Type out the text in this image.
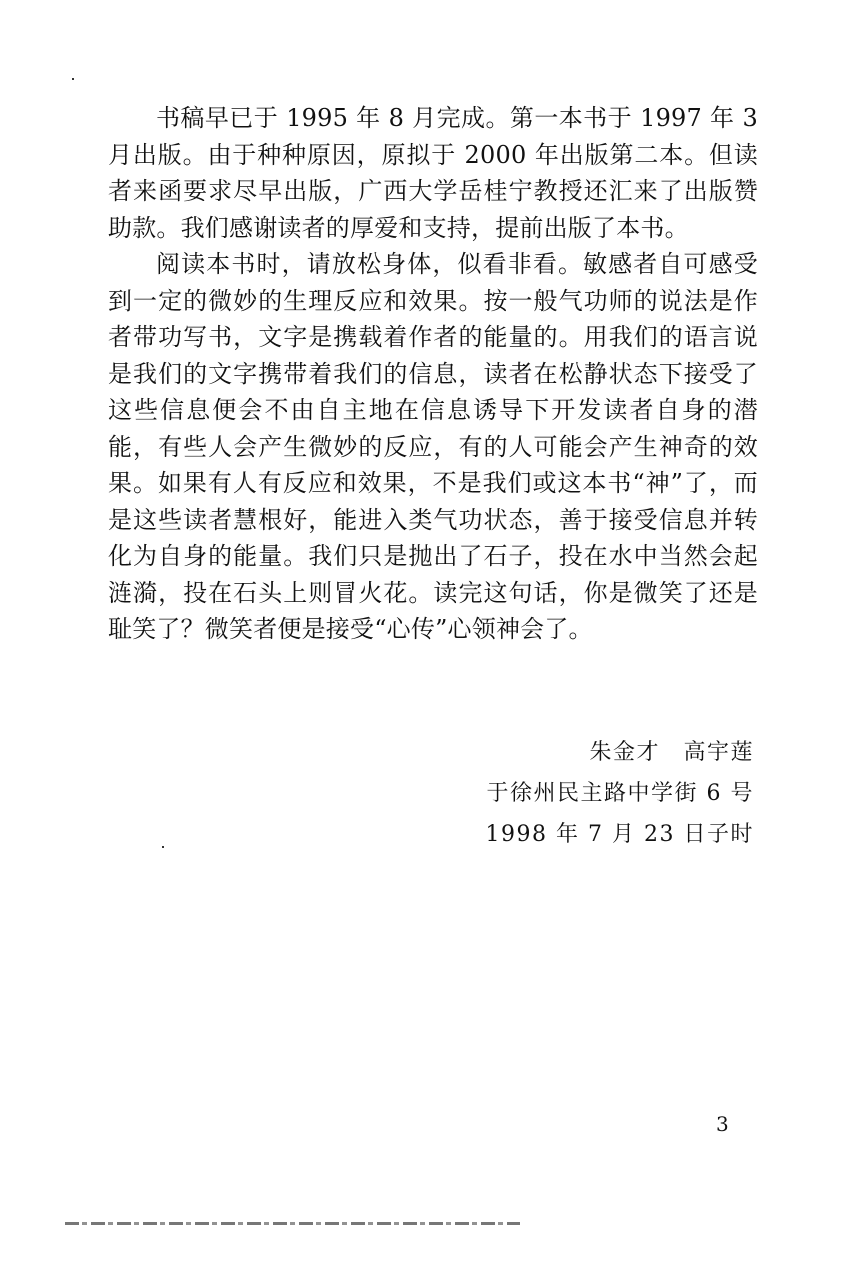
书稿早已于 1995 年 8 月完成。第一本书于 1997 年 3 月出版。由于种种原因，原拟于 2000 年出版第二本。但读者来函要求尽早出版，广西大学岳桂宁教授还汇来了出版赞助款。我们感谢读者的厚爱和支持，提前出版了本书。

阅读本书时，请放松身体，似看非看。敏感者自可感受到一定的微妙的生理反应和效果。按一般气功师的说法是作者带功写书，文字是携载着作者的能量的。用我们的语言说是我们的文字携带着我们的信息，读者在松静状态下接受了这些信息便会不由自主地在信息诱导下开发读者自身的潜能，有些人会产生微妙的反应，有的人可能会产生神奇的效果。如果有人有反应和效果，不是我们或这本书“神”了，而是这些读者慧根好，能进入类气功状态，善于接受信息并转化为自身的能量。我们只是抛出了石子，投在水中当然会起涟漪，投在石头上则冒火花。读完这句话，你是微笑了还是耻笑了？微笑者便是接受“心传”心领神会了。

朱金才　高宇莲
于徐州民主路中学街 6 号
1998 年 7 月 23 日子时
3
